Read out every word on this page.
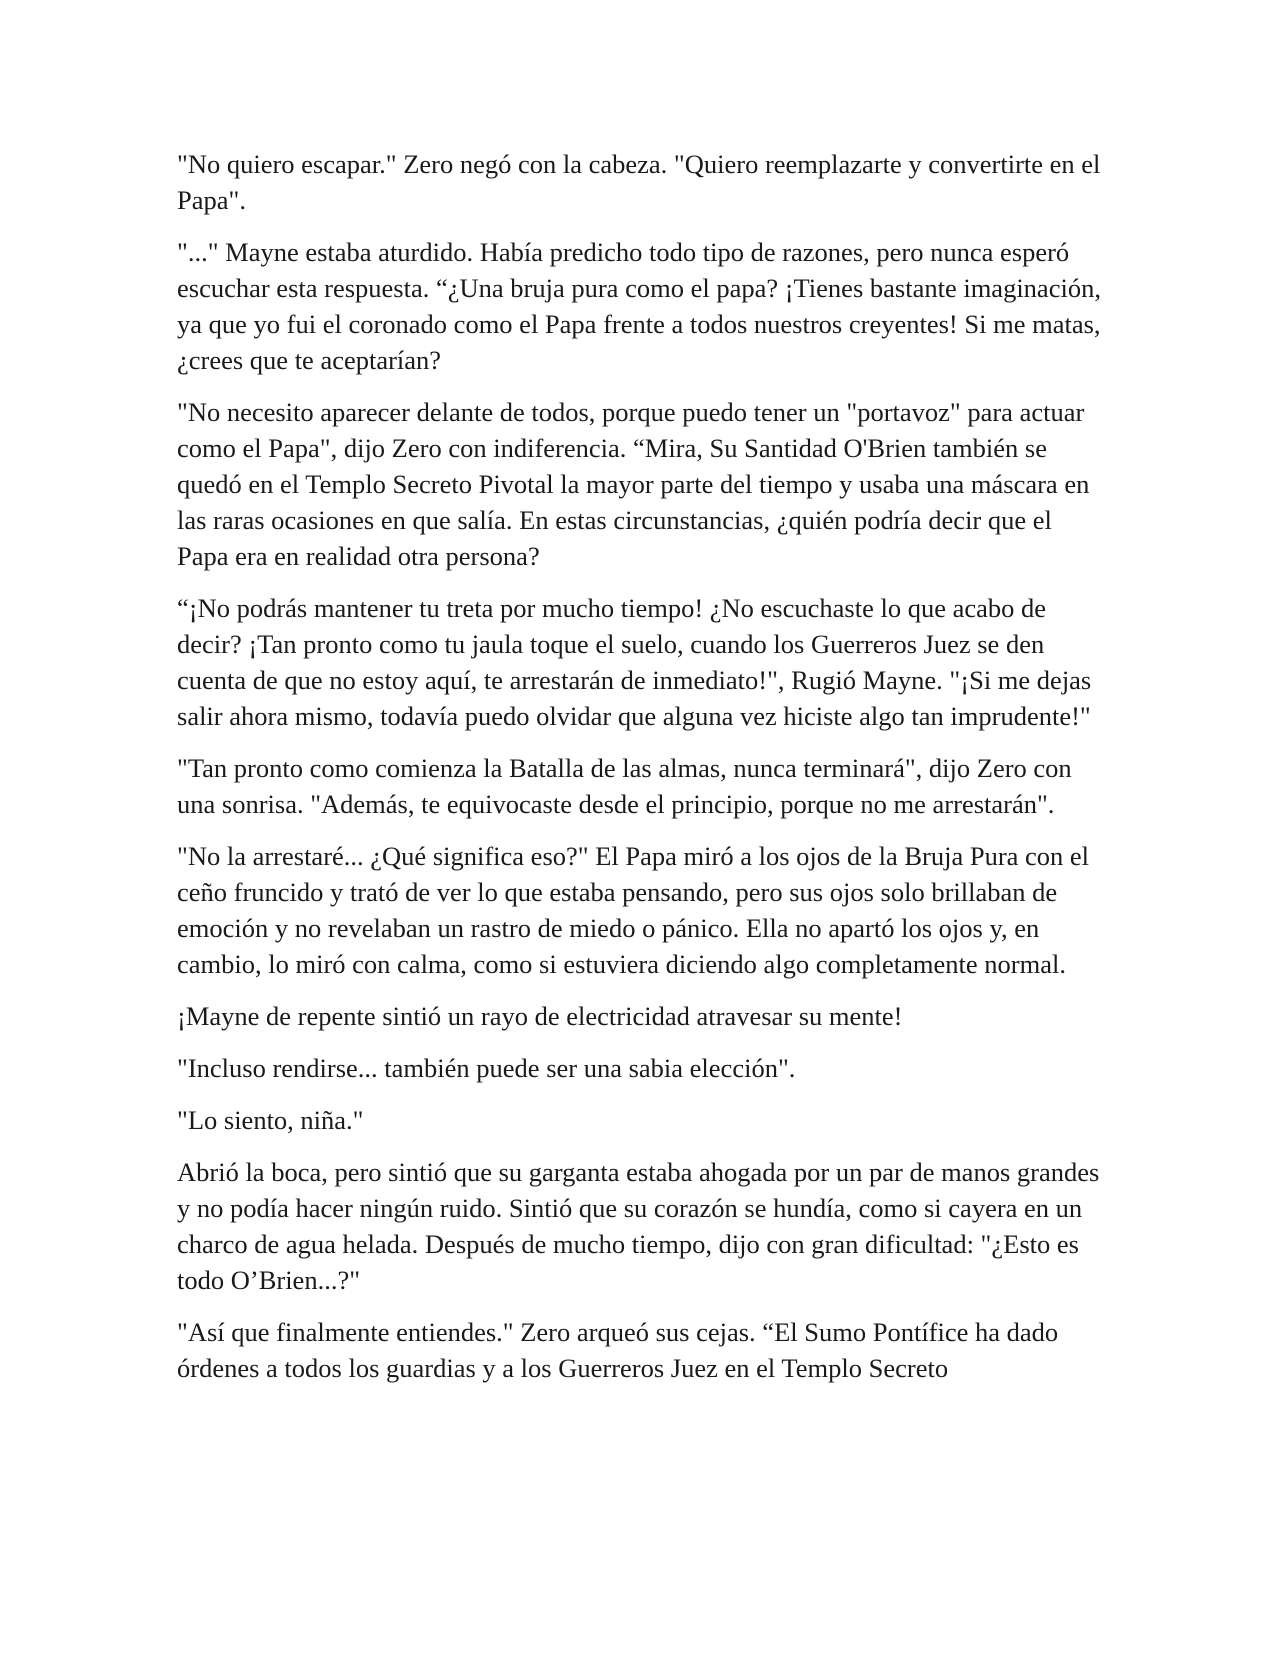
"No quiero escapar." Zero negó con la cabeza. "Quiero reemplazarte y convertirte en el Papa".

"..." Mayne estaba aturdido. Había predicho todo tipo de razones, pero nunca esperó escuchar esta respuesta. “¿Una bruja pura como el papa? ¡Tienes bastante imaginación, ya que yo fui el coronado como el Papa frente a todos nuestros creyentes! Si me matas, ¿crees que te aceptarían?

"No necesito aparecer delante de todos, porque puedo tener un "portavoz" para actuar como el Papa", dijo Zero con indiferencia. “Mira, Su Santidad O'Brien también se quedó en el Templo Secreto Pivotal la mayor parte del tiempo y usaba una máscara en las raras ocasiones en que salía. En estas circunstancias, ¿quién podría decir que el Papa era en realidad otra persona?

“¡No podrás mantener tu treta por mucho tiempo! ¿No escuchaste lo que acabo de decir? ¡Tan pronto como tu jaula toque el suelo, cuando los Guerreros Juez se den cuenta de que no estoy aquí, te arrestarán de inmediato!", Rugió Mayne. "¡Si me dejas salir ahora mismo, todavía puedo olvidar que alguna vez hiciste algo tan imprudente!"

"Tan pronto como comienza la Batalla de las almas, nunca terminará", dijo Zero con una sonrisa. "Además, te equivocaste desde el principio, porque no me arrestarán".

"No la arrestaré... ¿Qué significa eso?" El Papa miró a los ojos de la Bruja Pura con el ceño fruncido y trató de ver lo que estaba pensando, pero sus ojos solo brillaban de emoción y no revelaban un rastro de miedo o pánico. Ella no apartó los ojos y, en cambio, lo miró con calma, como si estuviera diciendo algo completamente normal.

¡Mayne de repente sintió un rayo de electricidad atravesar su mente!

"Incluso rendirse... también puede ser una sabia elección".

"Lo siento, niña."

Abrió la boca, pero sintió que su garganta estaba ahogada por un par de manos grandes y no podía hacer ningún ruido. Sintió que su corazón se hundía, como si cayera en un charco de agua helada. Después de mucho tiempo, dijo con gran dificultad: "¿Esto es todo O’Brien...?"

"Así que finalmente entiendes." Zero arqueó sus cejas. “El Sumo Pontífice ha dado órdenes a todos los guardias y a los Guerreros Juez en el Templo Secreto
